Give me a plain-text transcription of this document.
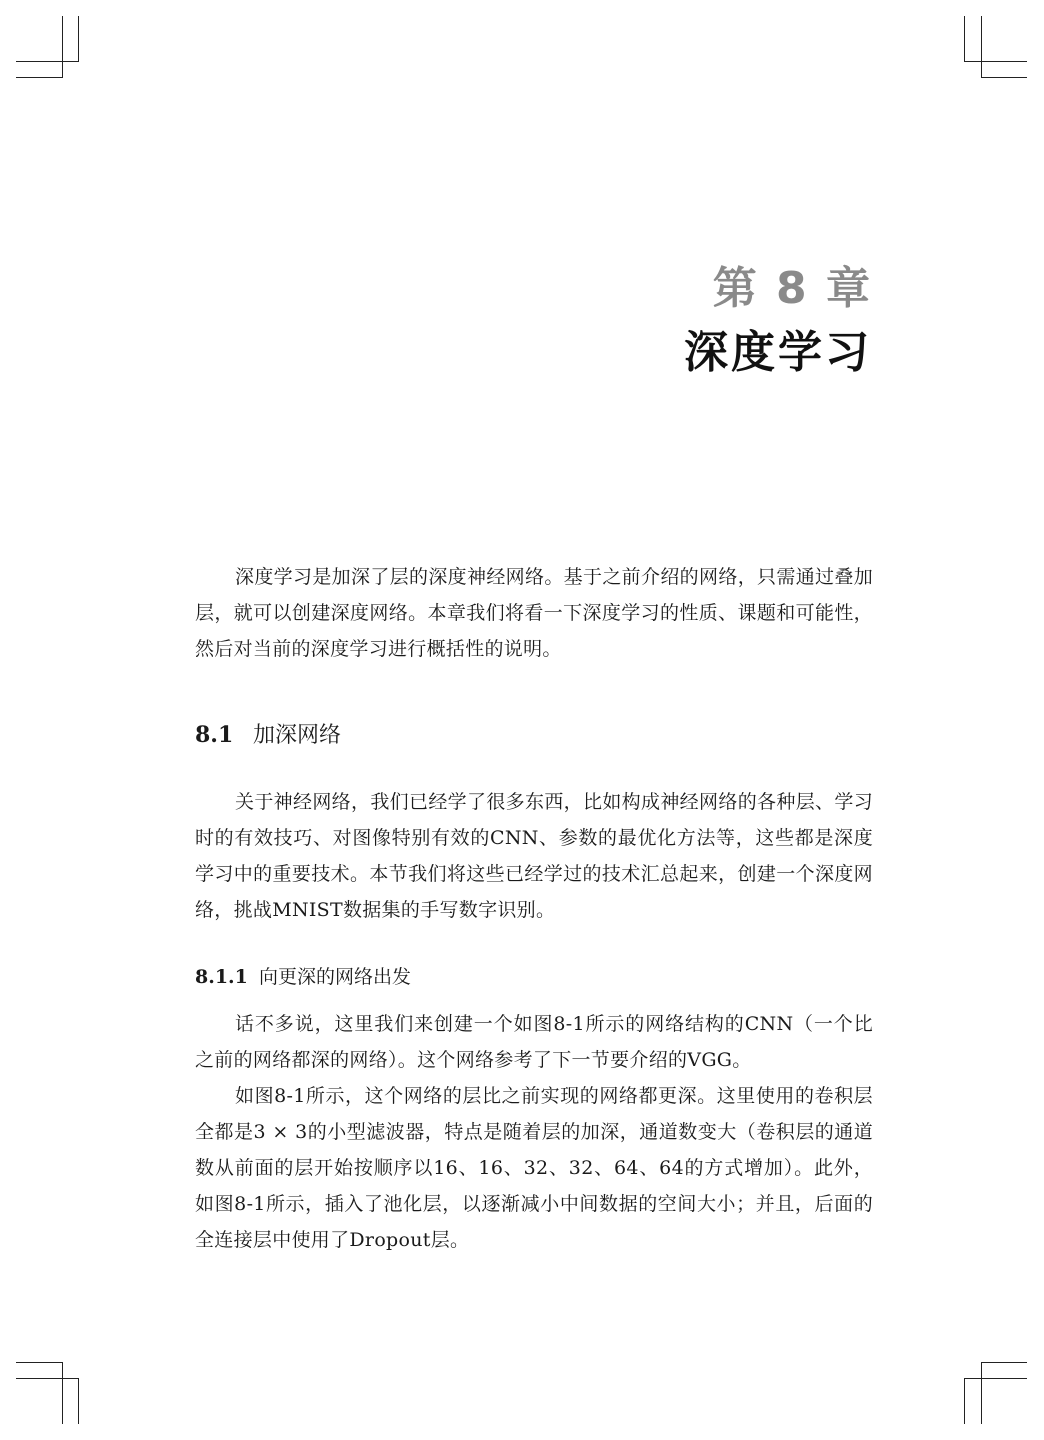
第 8 章
深度学习

深度学习是加深了层的深度神经网络。基于之前介绍的网络，只需通过叠加层，就可以创建深度网络。本章我们将看一下深度学习的性质、课题和可能性，然后对当前的深度学习进行概括性的说明。

8.1 加深网络

关于神经网络，我们已经学了很多东西，比如构成神经网络的各种层、学习时的有效技巧、对图像特别有效的CNN、参数的最优化方法等，这些都是深度学习中的重要技术。本节我们将这些已经学过的技术汇总起来，创建一个深度网络，挑战MNIST数据集的手写数字识别。

8.1.1 向更深的网络出发

话不多说，这里我们来创建一个如图8-1所示的网络结构的CNN（一个比之前的网络都深的网络）。这个网络参考了下一节要介绍的VGG。

如图8-1所示，这个网络的层比之前实现的网络都更深。这里使用的卷积层全都是3 × 3的小型滤波器，特点是随着层的加深，通道数变大（卷积层的通道数从前面的层开始按顺序以16、16、32、32、64、64的方式增加）。此外，如图8-1所示，插入了池化层，以逐渐减小中间数据的空间大小；并且，后面的全连接层中使用了Dropout层。
